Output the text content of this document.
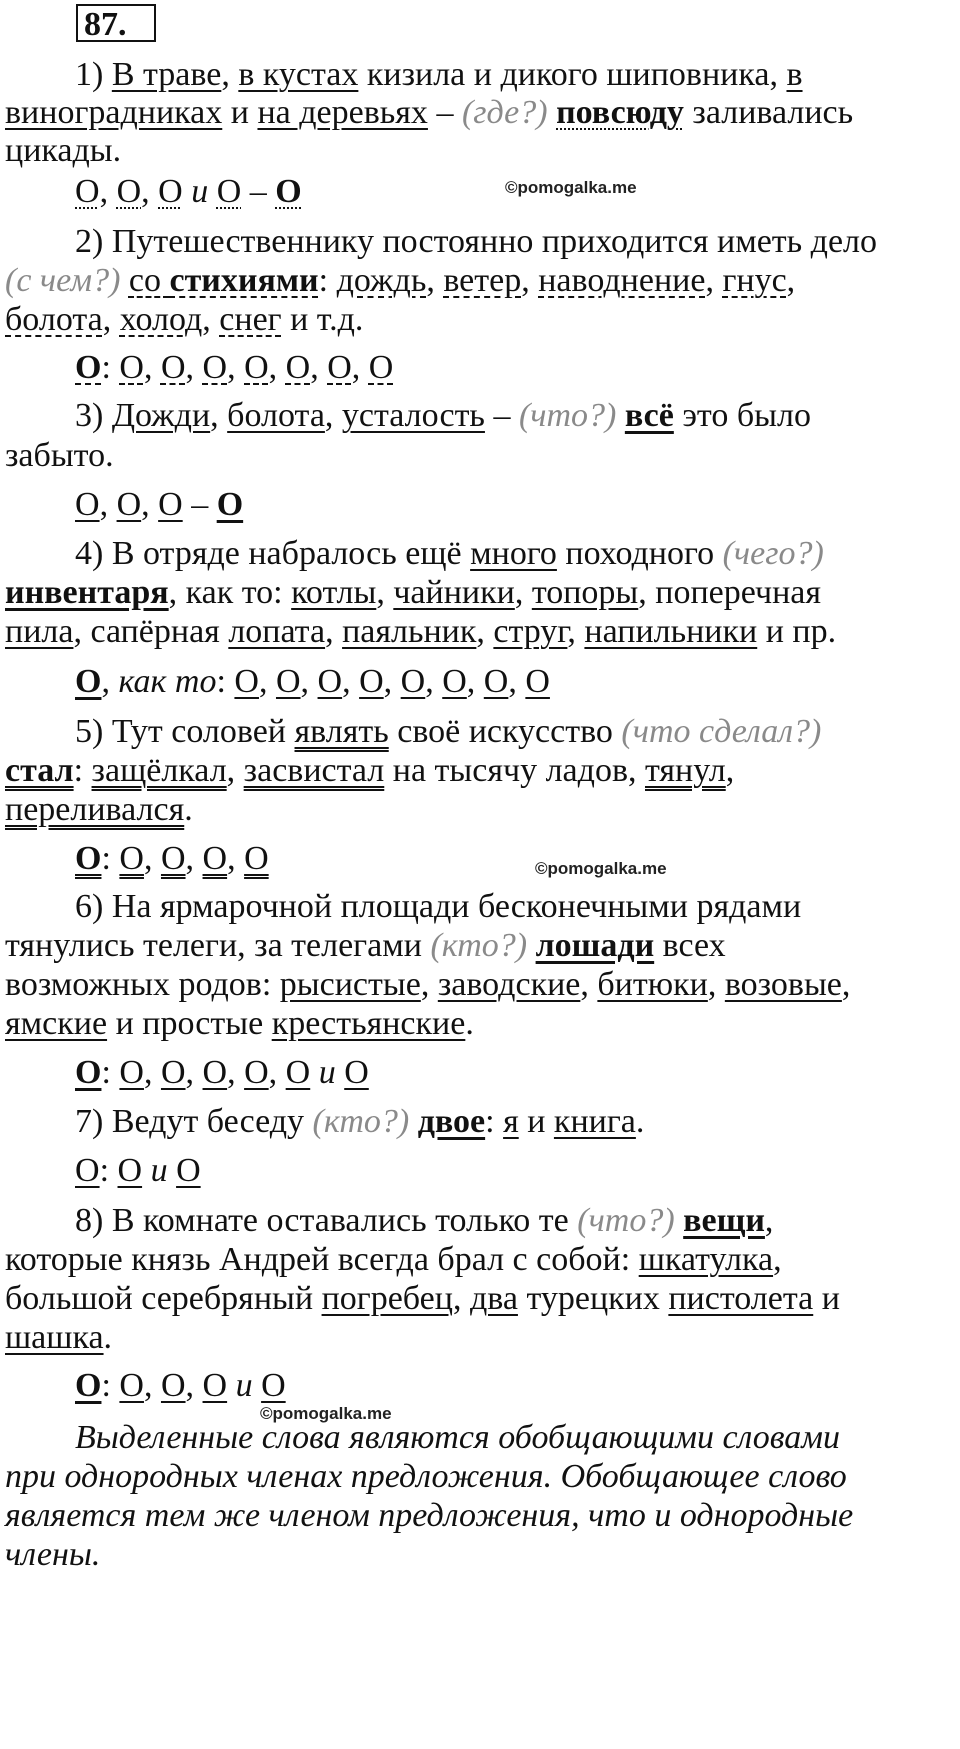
87.
1) В траве, в кустах кизила и дикого шиповника, в
виноградниках и на деревьях – (где?) повсюду заливались
цикады.
О, О, О и О – О	©pomogalka.me
2) Путешественнику постоянно приходится иметь дело
(с чем?) со стихиями: дождь, ветер, наводнение, гнус,
болота, холод, снег и т.д.
О: О, О, О, О, О, О, О
3) Дожди, болота, усталость – (что?) всё это было
забыто.
О, О, О – О
4) В отряде набралось ещё много походного (чего?)
инвентаря, как то: котлы, чайники, топоры, поперечная
пила, сапёрная лопата, паяльник, струг, напильники и пр.
О, как то: О, О, О, О, О, О, О, О
5) Тут соловей являть своё искусство (что сделал?)
стал: защёлкал, засвистал на тысячу ладов, тянул,
переливался.
О: О, О, О, О	©pomogalka.me
6) На ярмарочной площади бесконечными рядами
тянулись телеги, за телегами (кто?) лошади всех
возможных родов: рысистые, заводские, битюки, возовые,
ямские и простые крестьянские.
О: О, О, О, О, О и О
7) Ведут беседу (кто?) двое: я и книга.
О: О и О
8) В комнате оставались только те (что?) вещи,
которые князь Андрей всегда брал с собой: шкатулка,
большой серебряный погребец, два турецких пистолета и
шашка.
О: О, О, О и О
©pomogalka.me
Выделенные слова являются обобщающими словами
при однородных членах предложения. Обобщающее слово
является тем же членом предложения, что и однородные
члены.
